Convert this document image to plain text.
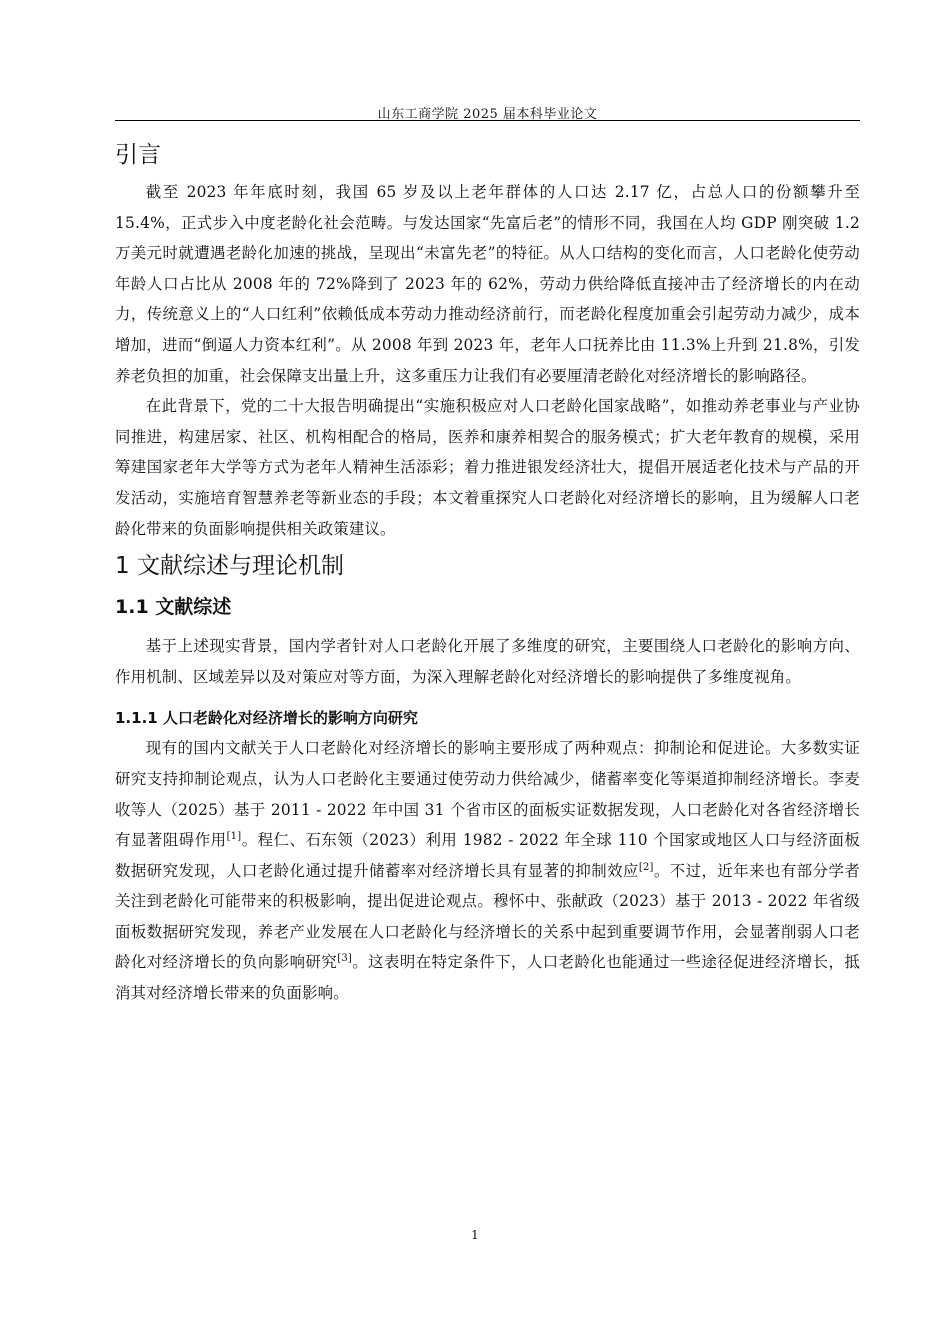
山东工商学院 2025 届本科毕业论文
引言

截至 2023 年年底时刻，我国 65 岁及以上老年群体的人口达 2.17 亿，占总人口的份额攀升至 15.4%，正式步入中度老龄化社会范畴。与发达国家“先富后老”的情形不同，我国在人均 GDP 刚突破 1.2 万美元时就遭遇老龄化加速的挑战，呈现出“未富先老”的特征。从人口结构的变化而言，人口老龄化使劳动年龄人口占比从 2008 年的 72%降到了 2023 年的 62%，劳动力供给降低直接冲击了经济增长的内在动力，传统意义上的“人口红利”依赖低成本劳动力推动经济前行，而老龄化程度加重会引起劳动力减少，成本增加，进而“倒逼人力资本红利”。从 2008 年到 2023 年，老年人口抚养比由 11.3%上升到 21.8%，引发养老负担的加重，社会保障支出量上升，这多重压力让我们有必要厘清老龄化对经济增长的影响路径。

在此背景下，党的二十大报告明确提出“实施积极应对人口老龄化国家战略”，如推动养老事业与产业协同推进，构建居家、社区、机构相配合的格局，医养和康养相契合的服务模式；扩大老年教育的规模，采用筹建国家老年大学等方式为老年人精神生活添彩；着力推进银发经济壮大，提倡开展适老化技术与产品的开发活动，实施培育智慧养老等新业态的手段；本文着重探究人口老龄化对经济增长的影响，且为缓解人口老龄化带来的负面影响提供相关政策建议。

1 文献综述与理论机制
1.1 文献综述

基于上述现实背景，国内学者针对人口老龄化开展了多维度的研究，主要围绕人口老龄化的影响方向、作用机制、区域差异以及对策应对等方面，为深入理解老龄化对经济增长的影响提供了多维度视角。

1.1.1 人口老龄化对经济增长的影响方向研究

现有的国内文献关于人口老龄化对经济增长的影响主要形成了两种观点：抑制论和促进论。大多数实证研究支持抑制论观点，认为人口老龄化主要通过使劳动力供给减少，储蓄率变化等渠道抑制经济增长。李麦收等人（2025）基于 2011 - 2022 年中国 31 个省市区的面板实证数据发现，人口老龄化对各省经济增长有显著阻碍作用[1]。程仁、石东领（2023）利用 1982 - 2022 年全球 110 个国家或地区人口与经济面板数据研究发现，人口老龄化通过提升储蓄率对经济增长具有显著的抑制效应[2]。不过，近年来也有部分学者关注到老龄化可能带来的积极影响，提出促进论观点。穆怀中、张献政（2023）基于 2013 - 2022 年省级面板数据研究发现，养老产业发展在人口老龄化与经济增长的关系中起到重要调节作用，会显著削弱人口老龄化对经济增长的负向影响研究[3]。这表明在特定条件下，人口老龄化也能通过一些途径促进经济增长，抵消其对经济增长带来的负面影响。

1
